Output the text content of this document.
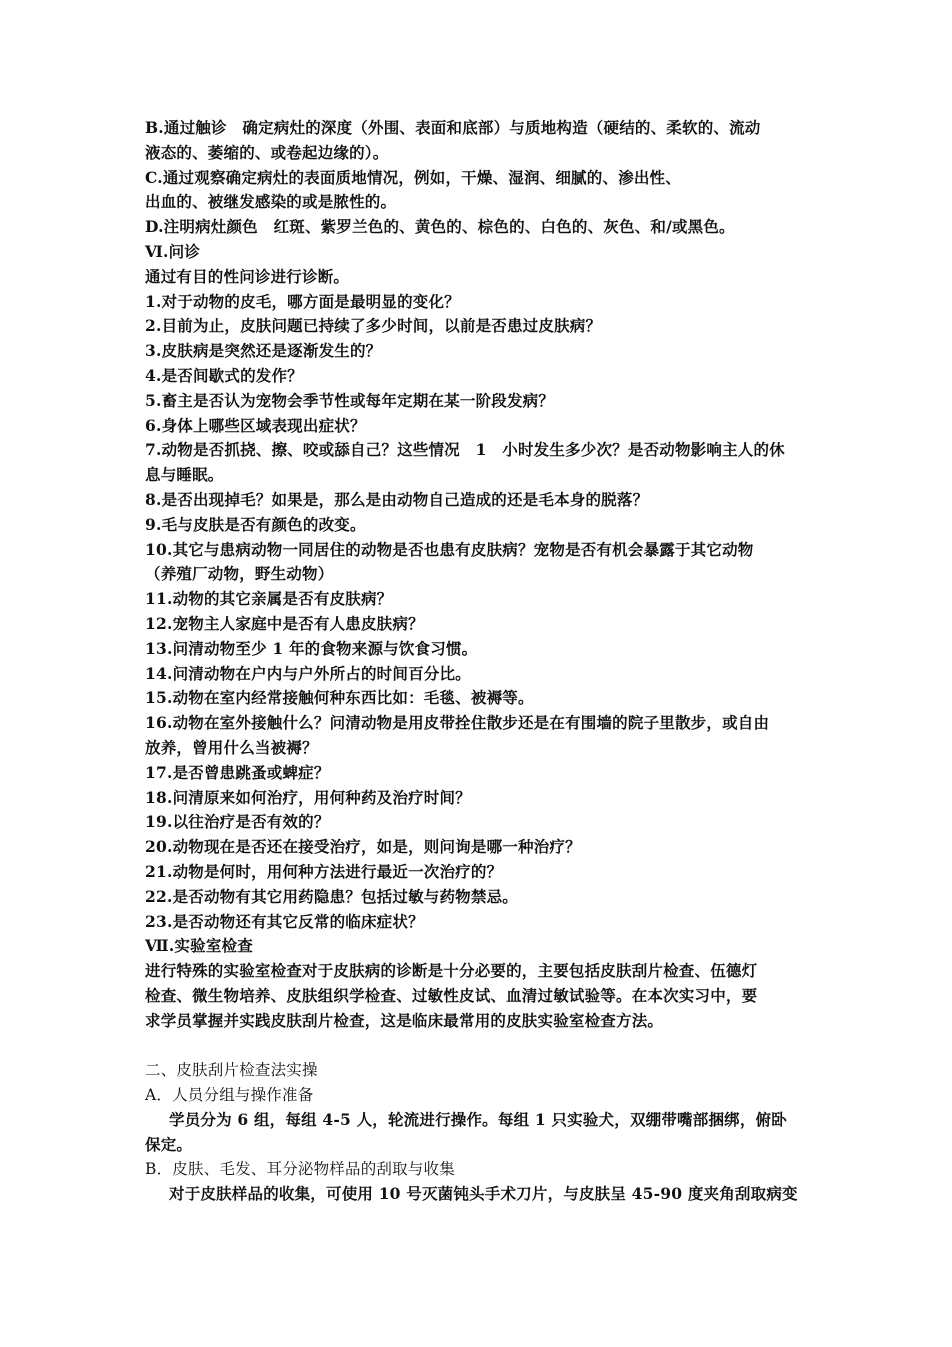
B.通过触诊　确定病灶的深度（外围、表面和底部）与质地构造（硬结的、柔软的、流动
液态的、萎缩的、或卷起边缘的）。
C.通过观察确定病灶的表面质地情况，例如，干燥、湿润、细腻的、渗出性、
出血的、被继发感染的或是脓性的。
D.注明病灶颜色　红斑、紫罗兰色的、黄色的、棕色的、白色的、灰色、和/或黑色。
Ⅵ.问诊
通过有目的性问诊进行诊断。
1.对于动物的皮毛，哪方面是最明显的变化？
2.目前为止，皮肤问题已持续了多少时间，以前是否患过皮肤病？
3.皮肤病是突然还是逐渐发生的？
4.是否间歇式的发作？
5.畜主是否认为宠物会季节性或每年定期在某一阶段发病？
6.身体上哪些区域表现出症状？
7.动物是否抓挠、擦、咬或舔自己？这些情况　1　小时发生多少次？是否动物影响主人的休
息与睡眠。
8.是否出现掉毛？如果是，那么是由动物自己造成的还是毛本身的脱落？
9.毛与皮肤是否有颜色的改变。
10.其它与患病动物一同居住的动物是否也患有皮肤病？宠物是否有机会暴露于其它动物
（养殖厂动物，野生动物）
11.动物的其它亲属是否有皮肤病？
12.宠物主人家庭中是否有人患皮肤病？
13.问清动物至少 1 年的食物来源与饮食习惯。
14.问清动物在户内与户外所占的时间百分比。
15.动物在室内经常接触何种东西比如：毛毯、被褥等。
16.动物在室外接触什么？问清动物是用皮带拴住散步还是在有围墙的院子里散步，或自由
放养，曾用什么当被褥？
17.是否曾患跳蚤或蜱症？
18.问清原来如何治疗，用何种药及治疗时间？
19.以往治疗是否有效的？
20.动物现在是否还在接受治疗，如是，则问询是哪一种治疗？
21.动物是何时，用何种方法进行最近一次治疗的？
22.是否动物有其它用药隐患？包括过敏与药物禁忌。
23.是否动物还有其它反常的临床症状？
Ⅶ.实验室检查
进行特殊的实验室检查对于皮肤病的诊断是十分必要的，主要包括皮肤刮片检查、伍德灯
检查、微生物培养、皮肤组织学检查、过敏性皮试、血清过敏试验等。在本次实习中，要
求学员掌握并实践皮肤刮片检查，这是临床最常用的皮肤实验室检查方法。
二、皮肤刮片检查法实操
A．人员分组与操作准备
学员分为 6 组，每组 4-5 人，轮流进行操作。每组 1 只实验犬，双绷带嘴部捆绑，俯卧
保定。
B．皮肤、毛发、耳分泌物样品的刮取与收集
对于皮肤样品的收集，可使用 10 号灭菌钝头手术刀片，与皮肤呈 45-90 度夹角刮取病变
